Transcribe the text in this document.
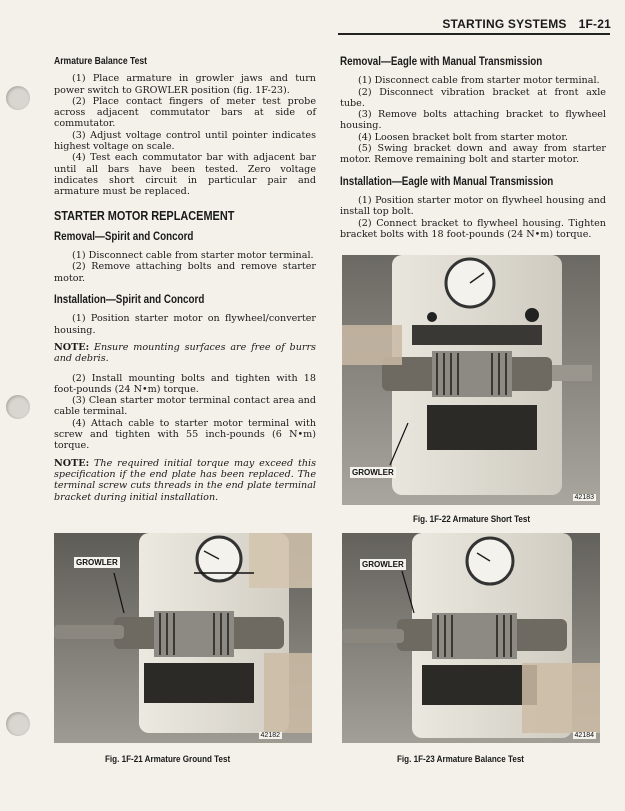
STARTING SYSTEMS 1F-21
Armature Balance Test

(1) Place armature in growler jaws and turn power switch to GROWLER position (fig. 1F-23).

(2) Place contact fingers of meter test probe across adjacent commutator bars at side of commutator.

(3) Adjust voltage control until pointer indicates highest voltage on scale.

(4) Test each commutator bar with adjacent bar until all bars have been tested. Zero voltage indicates short circuit in particular pair and armature must be replaced.

STARTER MOTOR REPLACEMENT
Removal—Spirit and Concord

(1) Disconnect cable from starter motor terminal.

(2) Remove attaching bolts and remove starter motor.

Installation—Spirit and Concord

(1) Position starter motor on flywheel/converter housing.

NOTE: Ensure mounting surfaces are free of burrs and debris.

(2) Install mounting bolts and tighten with 18 foot-pounds (24 N•m) torque.

(3) Clean starter motor terminal contact area and cable terminal.

(4) Attach cable to starter motor terminal with screw and tighten with 55 inch-pounds (6 N•m) torque.

NOTE: The required initial torque may exceed this specification if the end plate has been replaced. The terminal screw cuts threads in the end plate terminal bracket during initial installation.

Removal—Eagle with Manual Transmission

(1) Disconnect cable from starter motor terminal.

(2) Disconnect vibration bracket at front axle tube.

(3) Remove bolts attaching bracket to flywheel housing.

(4) Loosen bracket bolt from starter motor.

(5) Swing bracket down and away from starter motor. Remove remaining bolt and starter motor.

Installation—Eagle with Manual Transmission

(1) Position starter motor on flywheel housing and install top bolt.

(2) Connect bracket to flywheel housing. Tighten bracket bolts with 18 foot-pounds (24 N•m) torque.

GROWLER
42183
Fig. 1F-22 Armature Short Test
GROWLER
42182
Fig. 1F-21 Armature Ground Test
GROWLER
42184
Fig. 1F-23 Armature Balance Test
